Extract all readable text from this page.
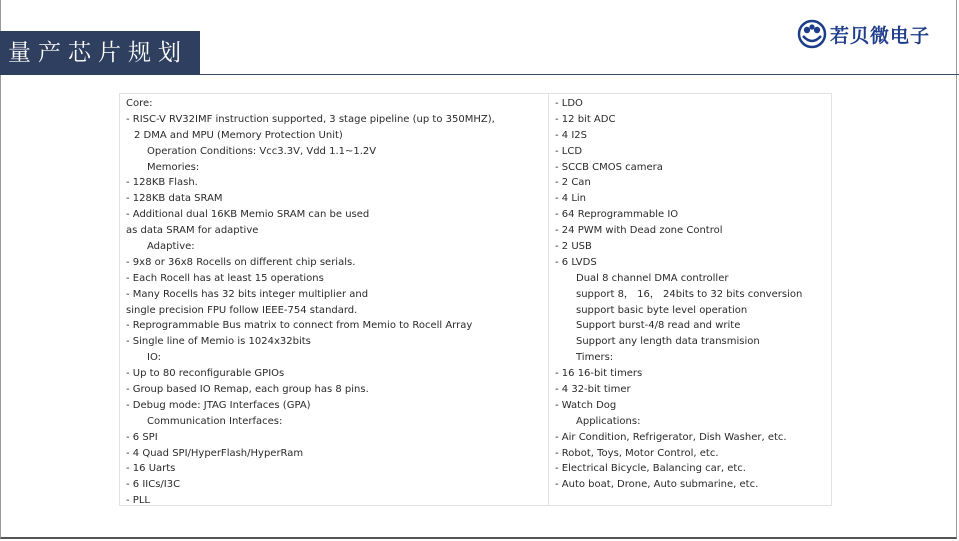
量产芯片规划
若贝微电子
Core:
- RISC-V RV32IMF instruction supported, 3 stage pipeline (up to 350MHZ),
2 DMA and MPU (Memory Protection Unit)
Operation Conditions: Vcc3.3V, Vdd 1.1~1.2V
Memories:
- 128KB Flash.
- 128KB data SRAM
- Additional dual 16KB Memio SRAM can be used
as data SRAM for adaptive
Adaptive:
- 9x8 or 36x8 Rocells on different chip serials.
- Each Rocell has at least 15 operations
- Many Rocells has 32 bits integer multiplier and
single precision FPU follow IEEE-754 standard.
- Reprogrammable Bus matrix to connect from Memio to Rocell Array
- Single line of Memio is 1024x32bits
IO:
- Up to 80 reconfigurable GPIOs
- Group based IO Remap, each group has 8 pins.
- Debug mode: JTAG Interfaces (GPA)
Communication Interfaces:
- 6 SPI
- 4 Quad SPI/HyperFlash/HyperRam
- 16 Uarts
- 6 IICs/I3C
- PLL
- LDO
- 12 bit ADC
- 4 I2S
- LCD
- SCCB CMOS camera
- 2 Can
- 4 Lin
- 64 Reprogrammable IO
- 24 PWM with Dead zone Control
- 2 USB
- 6 LVDS
Dual 8 channel DMA controller
support 8， 16， 24bits to 32 bits conversion
support basic byte level operation
Support burst-4/8 read and write
Support any length data transmision
Timers:
- 16 16-bit timers
- 4 32-bit timer
- Watch Dog
Applications:
- Air Condition, Refrigerator, Dish Washer, etc.
- Robot, Toys, Motor Control, etc.
- Electrical Bicycle, Balancing car, etc.
- Auto boat, Drone, Auto submarine, etc.
